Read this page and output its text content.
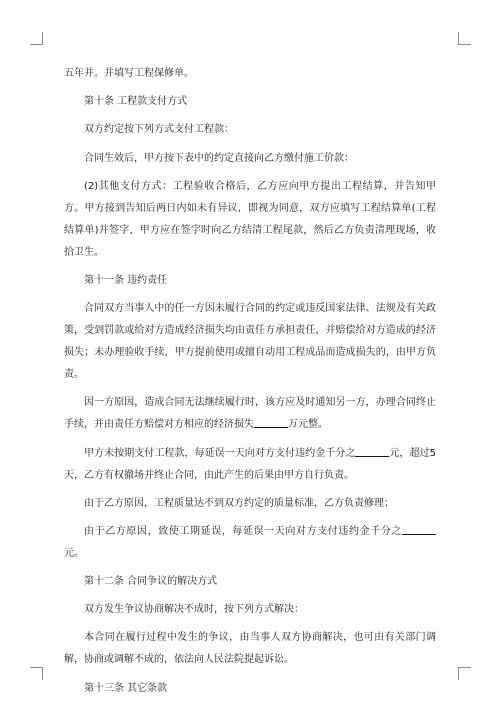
五年并。并填写工程保修单。

第十条 工程款支付方式

双方约定按下列方式支付工程款：

合同生效后，甲方按下表中的约定直接向乙方缴付施工价款：

(2)其他支付方式：工程验收合格后，乙方应向甲方提出工程结算，并告知甲方。甲方接到告知后两日内如未有异议，即视为同意，双方应填写工程结算单(工程结算单)并签字，甲方应在签字时向乙方结清工程尾款，然后乙方负责清理现场，收拾卫生。

第十一条 违约责任

合同双方当事人中的任一方因未履行合同的约定或违反国家法律、法规及有关政策，受到罚款或给对方造成经济损失均由责任方承担责任，并赔偿给对方造成的经济损失；未办理验收手续，甲方提前使用或擅自动用工程成品而造成损失的，由甲方负责。

因一方原因，造成合同无法继续履行时，该方应及时通知另一方，办理合同终止手续，并由责任方赔偿对方相应的经济损失	万元整。

甲方未按期支付工程款，每延误一天向对方支付违约金千分之	元，超过5天，乙方有权撤场并终止合同，由此产生的后果由甲方自行负责。

由于乙方原因，工程质量达不到双方约定的质量标准，乙方负责修理；

由于乙方原因，致使工期延误，每延误一天向对方支付违约金千分之元。

第十二条 合同争议的解决方式

双方发生争议协商解决不成时，按下列方式解决：

本合同在履行过程中发生的争议，由当事人双方协商解决，也可由有关部门调解，协商或调解不成的，依法向人民法院提起诉讼。

第十三条 其它条款
